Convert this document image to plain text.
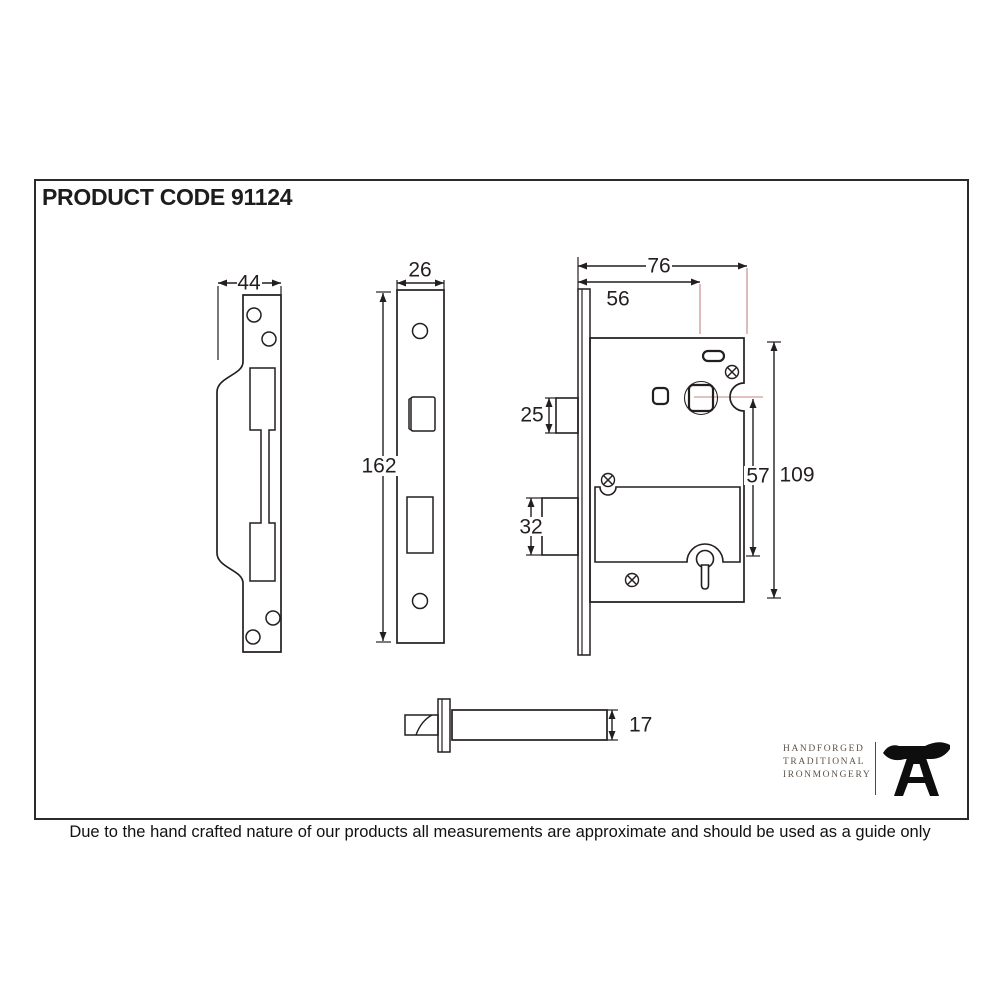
PRODUCT CODE 91124
44
26
162
76
56
25
32
57 109
17
HANDFORGED
TRADITIONAL
IRONMONGERY
Due to the hand crafted nature of our products all measurements are approximate and should be used as a guide only
